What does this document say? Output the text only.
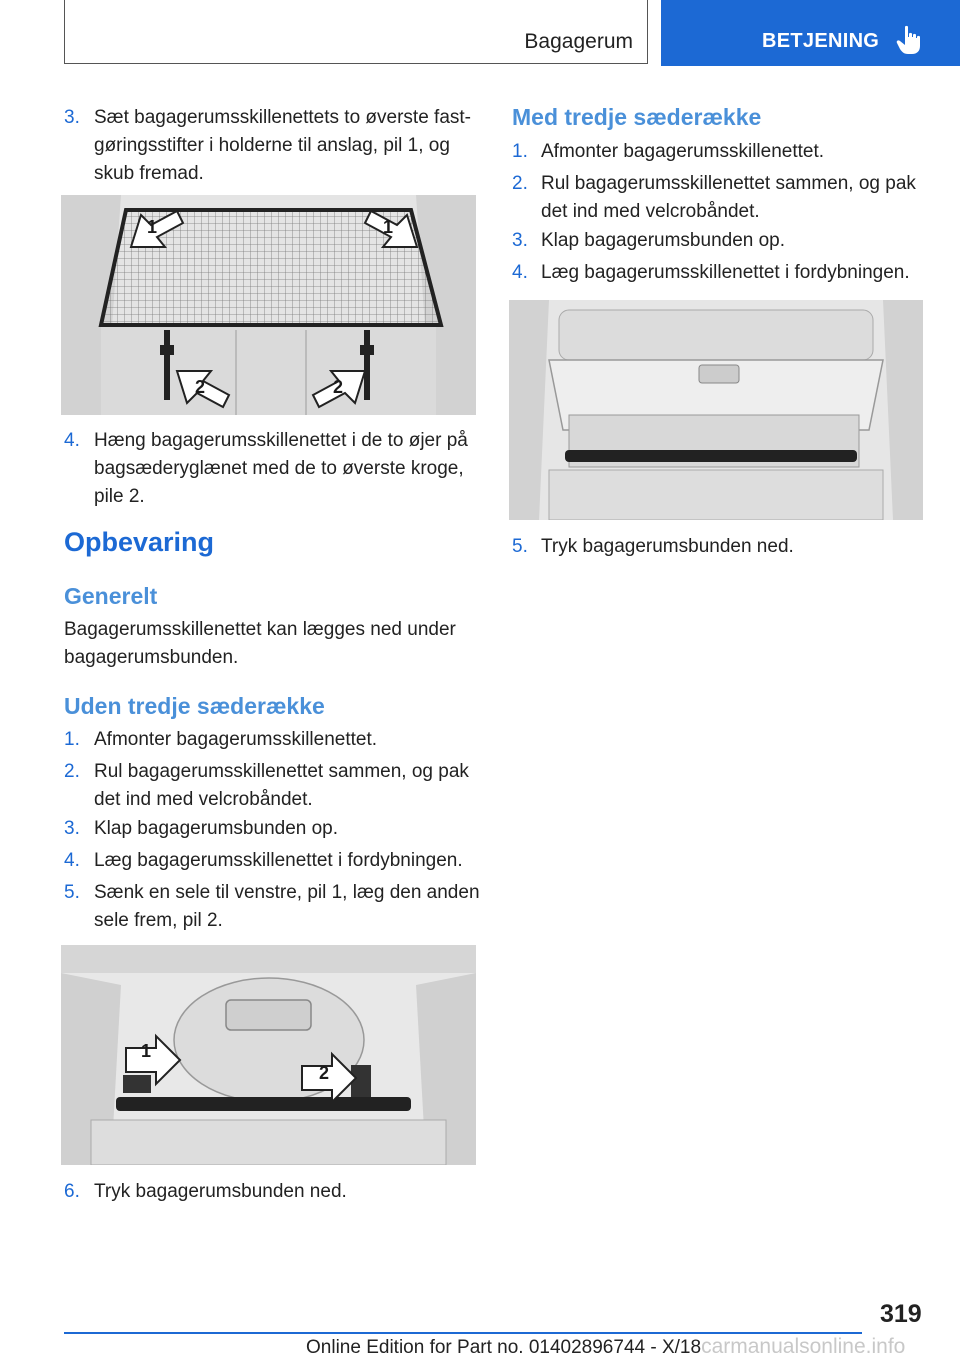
Bagagerum	BETJENING
3. Sæt bagagerumsskillenettets to øverste fast‐
gøringsstifter i holderne til anslag, pil 1, og
skub fremad.
1	1
2	2
4. Hæng bagagerumsskillenettet i de to øjer på
bagsæderyglænet med de to øverste kroge,
pile 2.
Opbevaring
Generelt
Bagagerumsskillenettet kan lægges ned under
bagagerumsbunden.
Uden tredje sæderække
1. Afmonter bagagerumsskillenettet.
2. Rul bagagerumsskillenettet sammen, og pak
det ind med velcrobåndet.
3. Klap bagagerumsbunden op.
4. Læg bagagerumsskillenettet i fordybningen.
5. Sænk en sele til venstre, pil 1, læg den anden
sele frem, pil 2.
1
2
6. Tryk bagagerumsbunden ned.
Med tredje sæderække
1. Afmonter bagagerumsskillenettet.
2. Rul bagagerumsskillenettet sammen, og pak
det ind med velcrobåndet.
3. Klap bagagerumsbunden op.
4. Læg bagagerumsskillenettet i fordybningen.
5. Tryk bagagerumsbunden ned.
319
Online Edition for Part no. 01402896744 - X/18carmanualsonline.info
